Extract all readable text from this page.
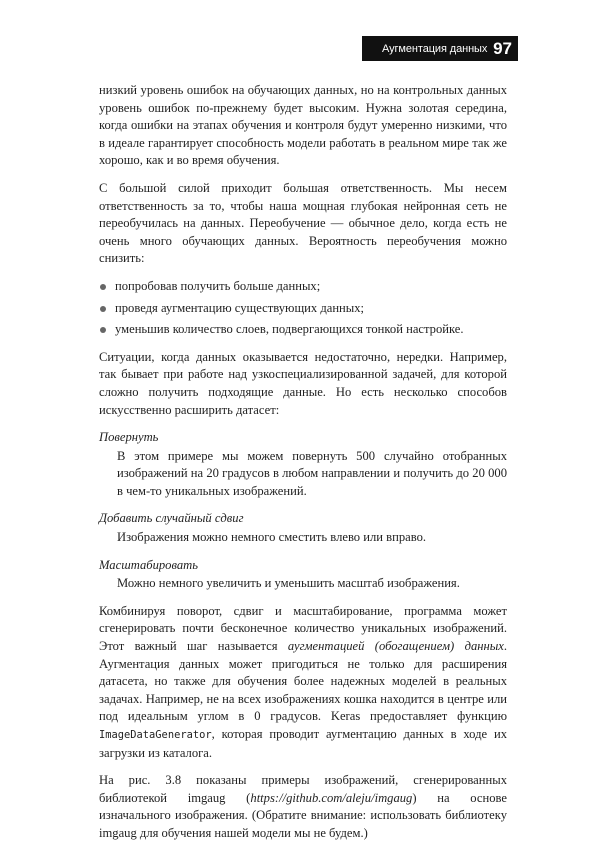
Аугментация данных 97

низкий уровень ошибок на обучающих данных, но на контрольных данных уровень ошибок по-прежнему будет высоким. Нужна золотая середина, когда ошибки на этапах обучения и контроля будут умеренно низкими, что в идеале гарантирует способность модели работать в реальном мире так же хорошо, как и во время обучения.

С большой силой приходит большая ответственность. Мы несем ответственность за то, чтобы наша мощная глубокая нейронная сеть не переобучилась на данных. Переобучение — обычное дело, когда есть не очень много обучающих данных. Вероятность переобучения можно снизить:

попробовав получить больше данных;
проведя аугментацию существующих данных;
уменьшив количество слоев, подвергающихся тонкой настройке.

Ситуации, когда данных оказывается недостаточно, нередки. Например, так бывает при работе над узкоспециализированной задачей, для которой сложно получить подходящие данные. Но есть несколько способов искусственно расширить датасет:

Повернуть
В этом примере мы можем повернуть 500 случайно отобранных изображений на 20 градусов в любом направлении и получить до 20 000 в чем-то уникальных изображений.
Добавить случайный сдвиг
Изображения можно немного сместить влево или вправо.
Масштабировать
Можно немного увеличить и уменьшить масштаб изображения.

Комбинируя поворот, сдвиг и масштабирование, программа может сгенерировать почти бесконечное количество уникальных изображений. Этот важный шаг называется аугментацией (обогащением) данных. Аугментация данных может пригодиться не только для расширения датасета, но также для обучения более надежных моделей в реальных задачах. Например, не на всех изображениях кошка находится в центре или под идеальным углом в 0 градусов. Keras предоставляет функцию ImageDataGenerator, которая проводит аугментацию данных в ходе их загрузки из каталога.

На рис. 3.8 показаны примеры изображений, сгенерированных библиотекой imgaug (https://github.com/aleju/imgaug) на основе изначального изображения. (Обратите внимание: использовать библиотеку imgaug для обучения нашей модели мы не будем.)
